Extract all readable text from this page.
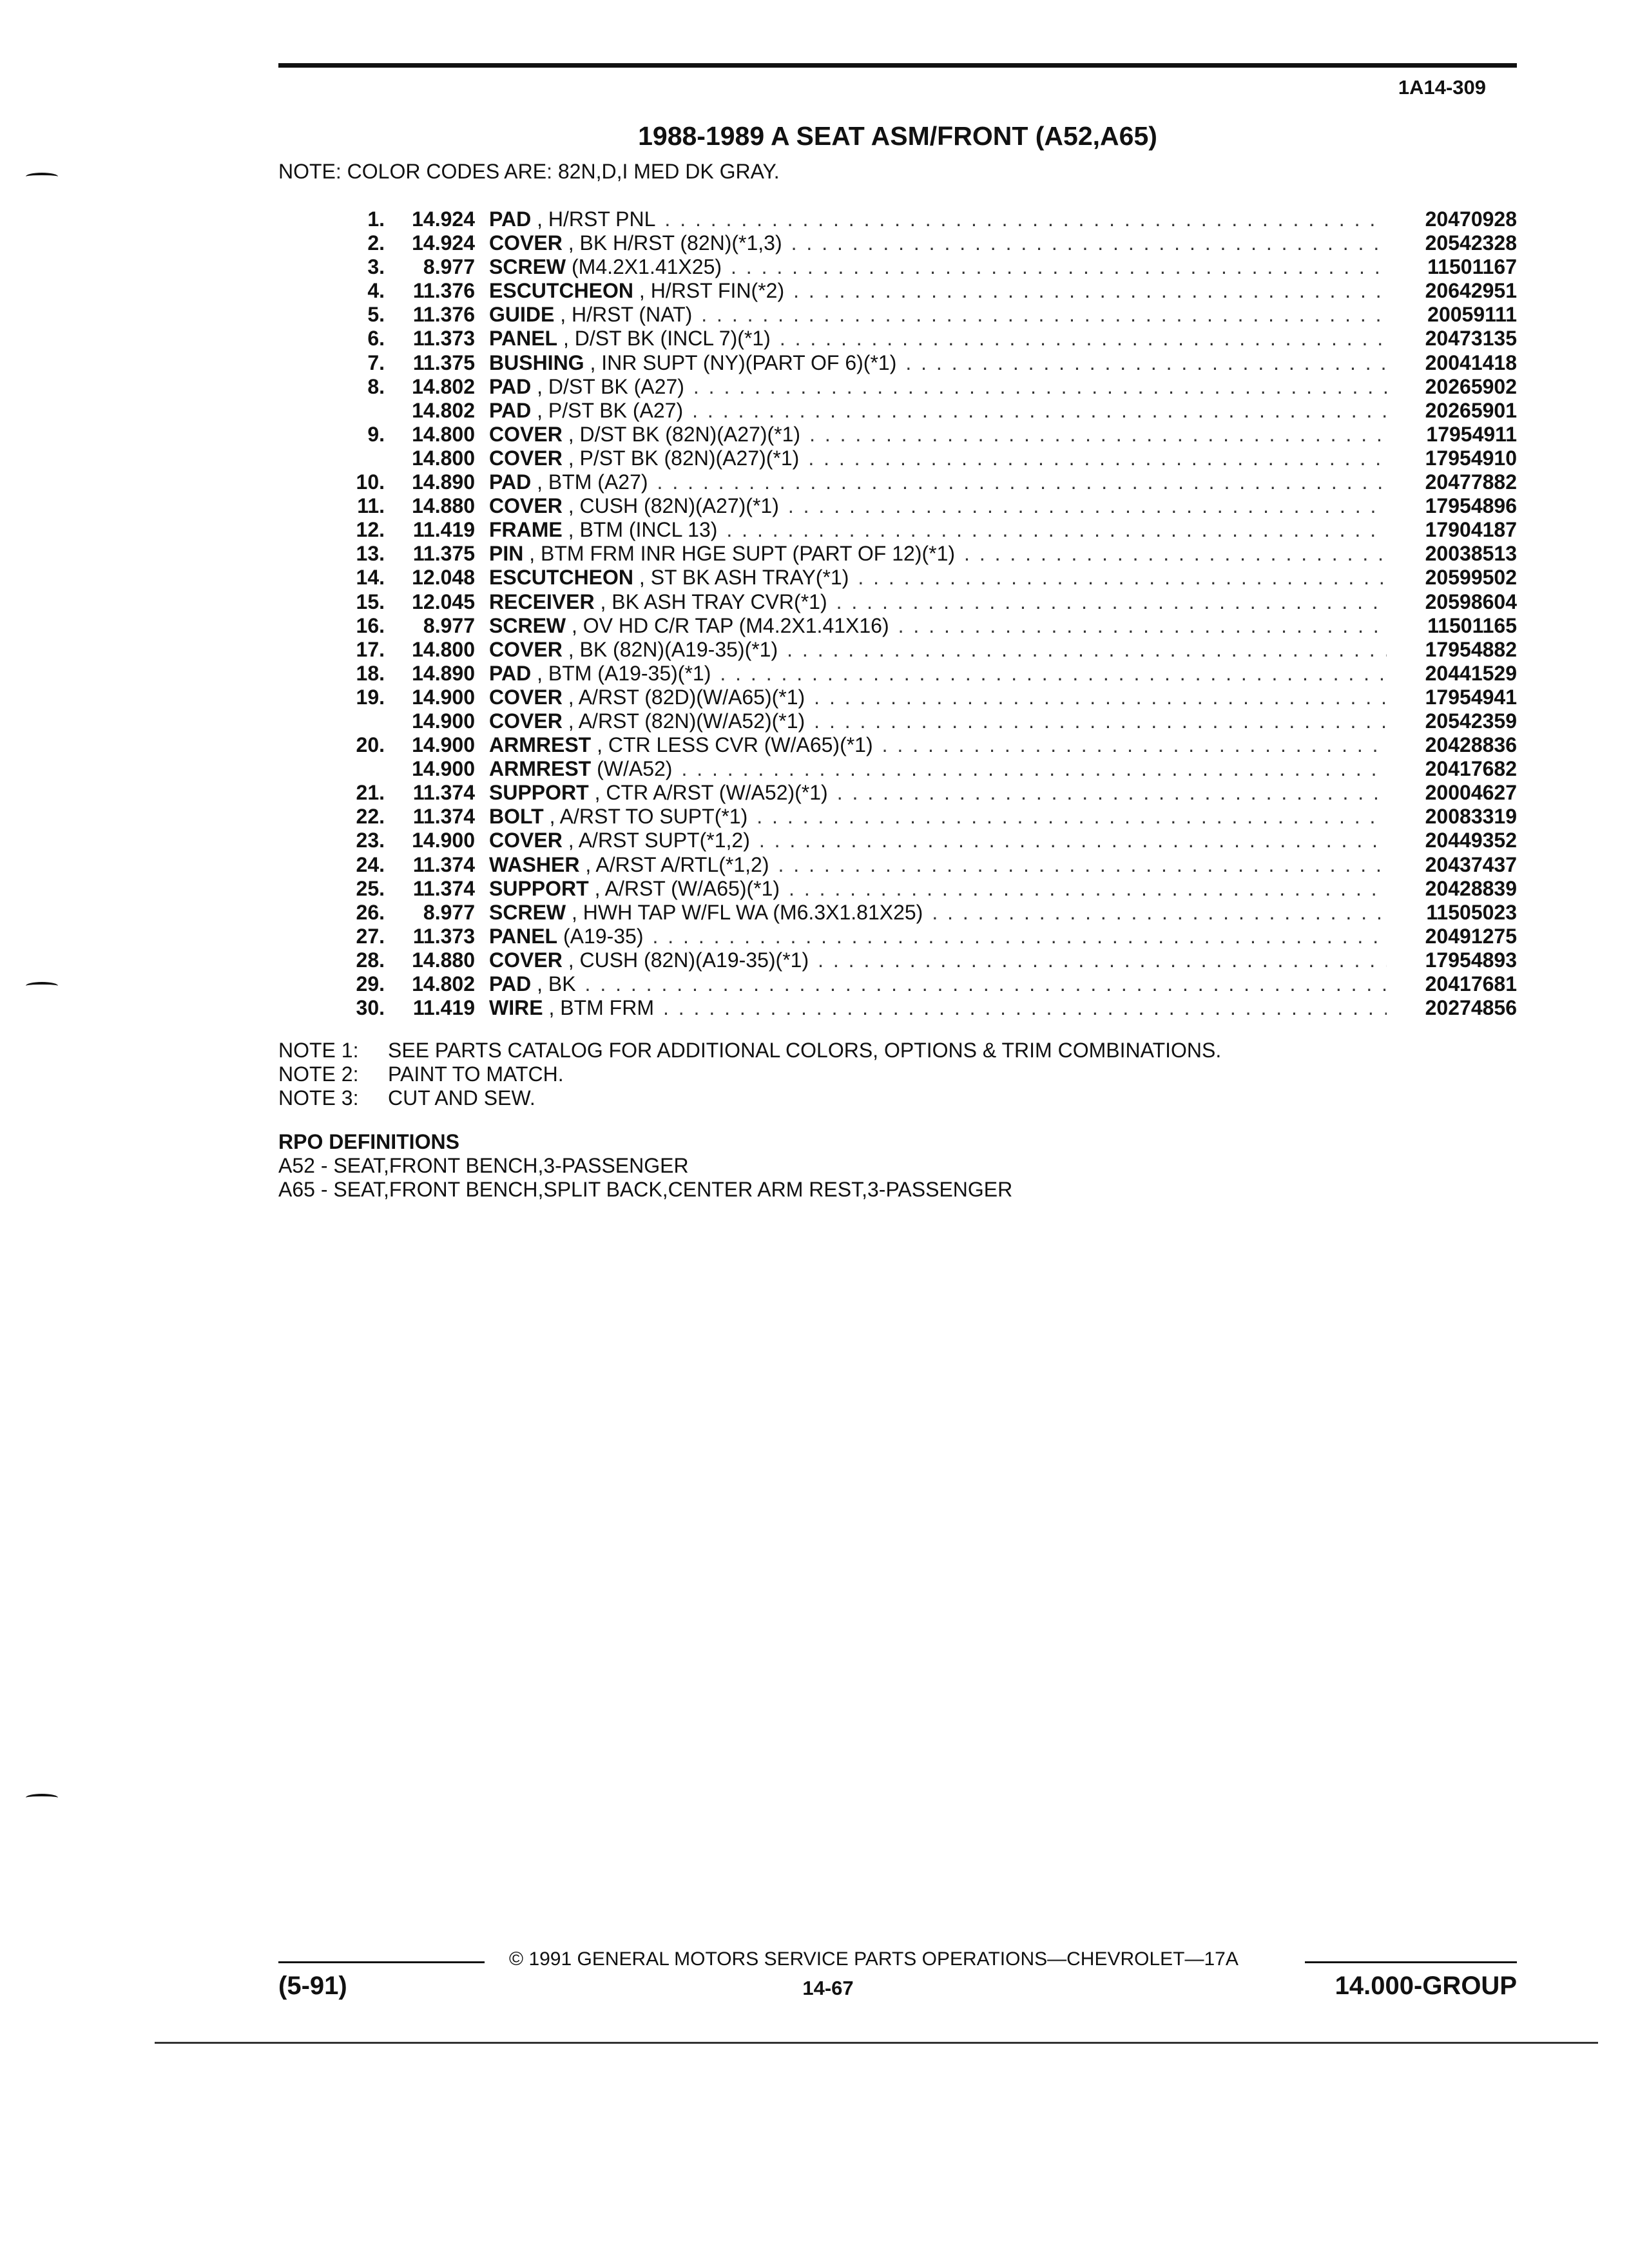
1A14-309
1988-1989 A SEAT ASM/FRONT (A52,A65)
NOTE: COLOR CODES ARE: 82N,D,I MED DK GRAY.
1.	14.924 PAD , H/RST PNL . . .	20470928
2.	14.924 COVER , BK H/RST (82N)(*1,3) . . .	20542328
3.	8.977 SCREW (M4.2X1.41X25) . . .	11501167
4.	11.376 ESCUTCHEON , H/RST FIN(*2) . . .	20642951
5.	11.376 GUIDE , H/RST (NAT) . . .	20059111
6.	11.373 PANEL , D/ST BK (INCL 7)(*1) . . .	20473135
7.	11.375 BUSHING , INR SUPT (NY)(PART OF 6)(*1) . . .	20041418
8.	14.802 PAD , D/ST BK (A27) . . .	20265902
14.802 PAD , P/ST BK (A27) . . .	20265901
9.	14.800 COVER , D/ST BK (82N)(A27)(*1) . . .	17954911
14.800 COVER , P/ST BK (82N)(A27)(*1) . . .	17954910
10.	14.890 PAD , BTM (A27) . . .	20477882
11.	14.880 COVER , CUSH (82N)(A27)(*1) . . .	17954896
12.	11.419 FRAME , BTM (INCL 13) . . .	17904187
13.	11.375 PIN , BTM FRM INR HGE SUPT (PART OF 12)(*1) . . .	20038513
14.	12.048 ESCUTCHEON , ST BK ASH TRAY(*1) . . .	20599502
15.	12.045 RECEIVER , BK ASH TRAY CVR(*1) . . .	20598604
16.	8.977 SCREW , OV HD C/R TAP (M4.2X1.41X16) . . .	11501165
17.	14.800 COVER , BK (82N)(A19-35)(*1) . . .	17954882
18.	14.890 PAD , BTM (A19-35)(*1) . . .	20441529
19.	14.900 COVER , A/RST (82D)(W/A65)(*1) . . .	17954941
14.900 COVER , A/RST (82N)(W/A52)(*1) . . .	20542359
20.	14.900 ARMREST , CTR LESS CVR (W/A65)(*1) . . .	20428836
14.900 ARMREST (W/A52) . . .	20417682
21.	11.374 SUPPORT , CTR A/RST (W/A52)(*1) . . .	20004627
22.	11.374 BOLT , A/RST TO SUPT(*1) . . .	20083319
23.	14.900 COVER , A/RST SUPT(*1,2) . . .	20449352
24.	11.374 WASHER , A/RST A/RTL(*1,2) . . .	20437437
25.	11.374 SUPPORT , A/RST (W/A65)(*1) . . .	20428839
26.	8.977 SCREW , HWH TAP W/FL WA (M6.3X1.81X25) . . .	11505023
27.	11.373 PANEL (A19-35) . . .	20491275
28.	14.880 COVER , CUSH (82N)(A19-35)(*1) . . .	17954893
29.	14.802 PAD , BK . . .	20417681
30.	11.419 WIRE , BTM FRM . . .	20274856
NOTE 1:	SEE PARTS CATALOG FOR ADDITIONAL COLORS, OPTIONS & TRIM COMBINATIONS.
NOTE 2:	PAINT TO MATCH.
NOTE 3:	CUT AND SEW.
RPO DEFINITIONS
A52 - SEAT,FRONT BENCH,3-PASSENGER
A65 - SEAT,FRONT BENCH,SPLIT BACK,CENTER ARM REST,3-PASSENGER
© 1991 GENERAL MOTORS SERVICE PARTS OPERATIONS—CHEVROLET—17A
(5-91)	14-67	14.000-GROUP
